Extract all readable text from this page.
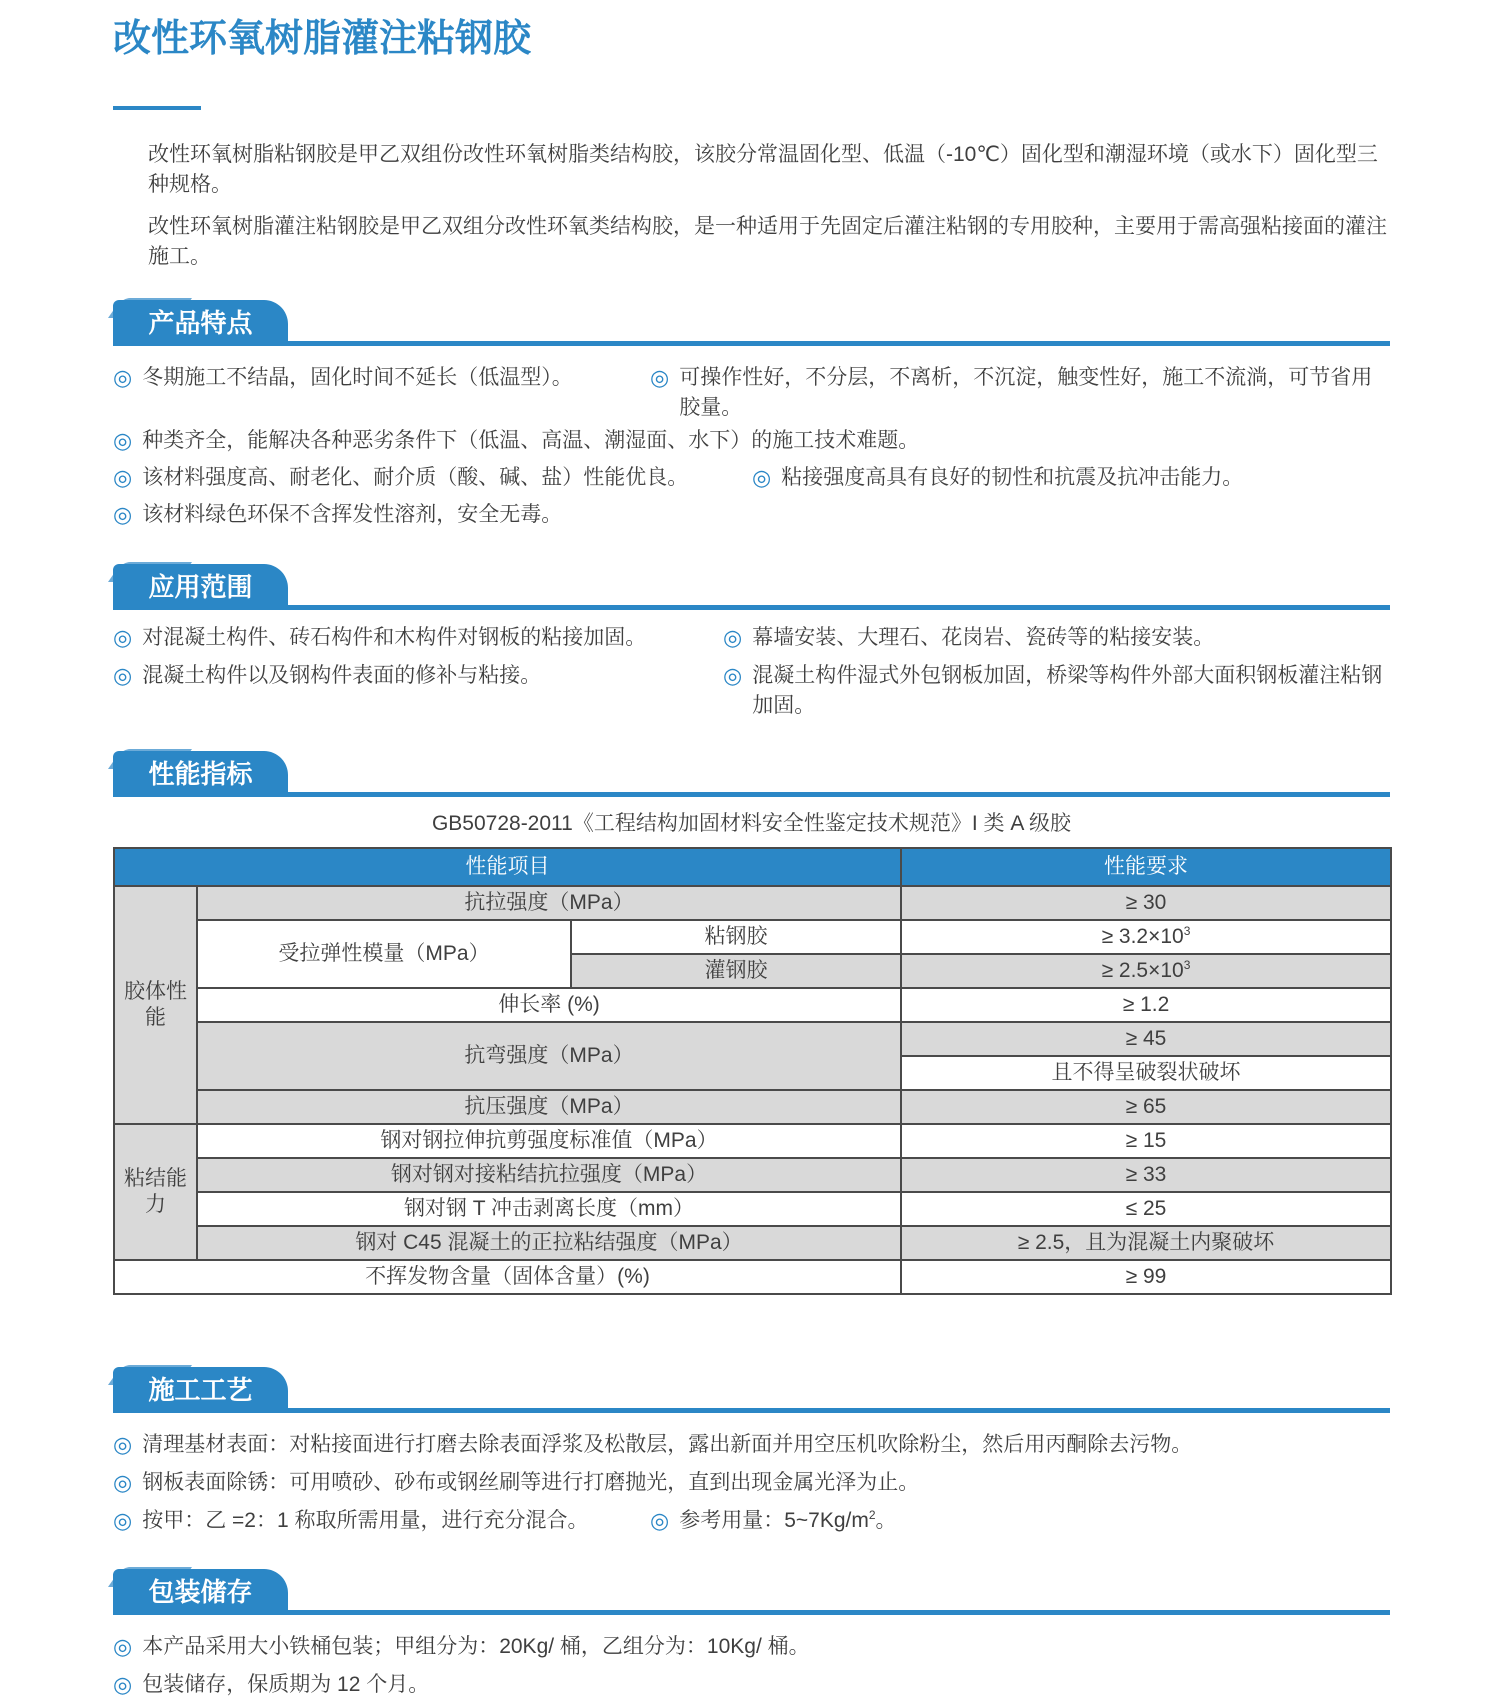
改性环氧树脂灌注粘钢胶

改性环氧树脂粘钢胶是甲乙双组份改性环氧树脂类结构胶，该胶分常温固化型、低温（-10℃）固化型和潮湿环境（或水下）固化型三种规格。

改性环氧树脂灌注粘钢胶是甲乙双组分改性环氧类结构胶，是一种适用于先固定后灌注粘钢的专用胶种，主要用于需高强粘接面的灌注施工。

产品特点
◎ 冬期施工不结晶，固化时间不延长（低温型）。	◎ 可操作性好，不分层，不离析，不沉淀，触变性好，施工不流淌，可节省用胶量。
◎ 种类齐全，能解决各种恶劣条件下（低温、高温、潮湿面、水下）的施工技术难题。
◎ 该材料强度高、耐老化、耐介质（酸、碱、盐）性能优良。	◎ 粘接强度高具有良好的韧性和抗震及抗冲击能力。
◎ 该材料绿色环保不含挥发性溶剂，安全无毒。
应用范围
◎ 对混凝土构件、砖石构件和木构件对钢板的粘接加固。	◎ 幕墙安装、大理石、花岗岩、瓷砖等的粘接安装。
◎ 混凝土构件以及钢构件表面的修补与粘接。	◎ 混凝土构件湿式外包钢板加固，桥梁等构件外部大面积钢板灌注粘钢加固。
性能指标
GB50728-2011《工程结构加固材料安全性鉴定技术规范》I 类 A 级胶
性能项目			性能要求
胶体性能	抗拉强度（MPa）		≥ 30
	受拉弹性模量（MPa）	粘钢胶	≥ $3.2\times 10^3$
		灌钢胶	≥ $2.5\times 10^3$
	伸长率 (%)		≥ 1.2
	抗弯强度（MPa）		≥ 45
			且不得呈破裂状破坏
	抗压强度（MPa）		≥ 65
粘结能力	钢对钢拉伸抗剪强度标准值（MPa）		≥ 15
	钢对钢对接粘结抗拉强度（MPa）		≥ 33
	钢对钢 T 冲击剥离长度（mm）		≤ 25
	钢对 C45 混凝土的正拉粘结强度（MPa）		≥ 2.5，且为混凝土内聚破坏
不挥发物含量（固体含量）(%)			≥ 99
施工工艺
◎ 清理基材表面：对粘接面进行打磨去除表面浮浆及松散层，露出新面并用空压机吹除粉尘，然后用丙酮除去污物。
◎ 钢板表面除锈：可用喷砂、砂布或钢丝刷等进行打磨抛光，直到出现金属光泽为止。
◎ 按甲：乙 =2：1 称取所需用量，进行充分混合。	◎ 参考用量：$5\sim 7Kg/m^2$。
包装储存
◎ 本产品采用大小铁桶包装；甲组分为：20Kg/ 桶，乙组分为：10Kg/ 桶。
◎ 包装储存，保质期为 12 个月。
